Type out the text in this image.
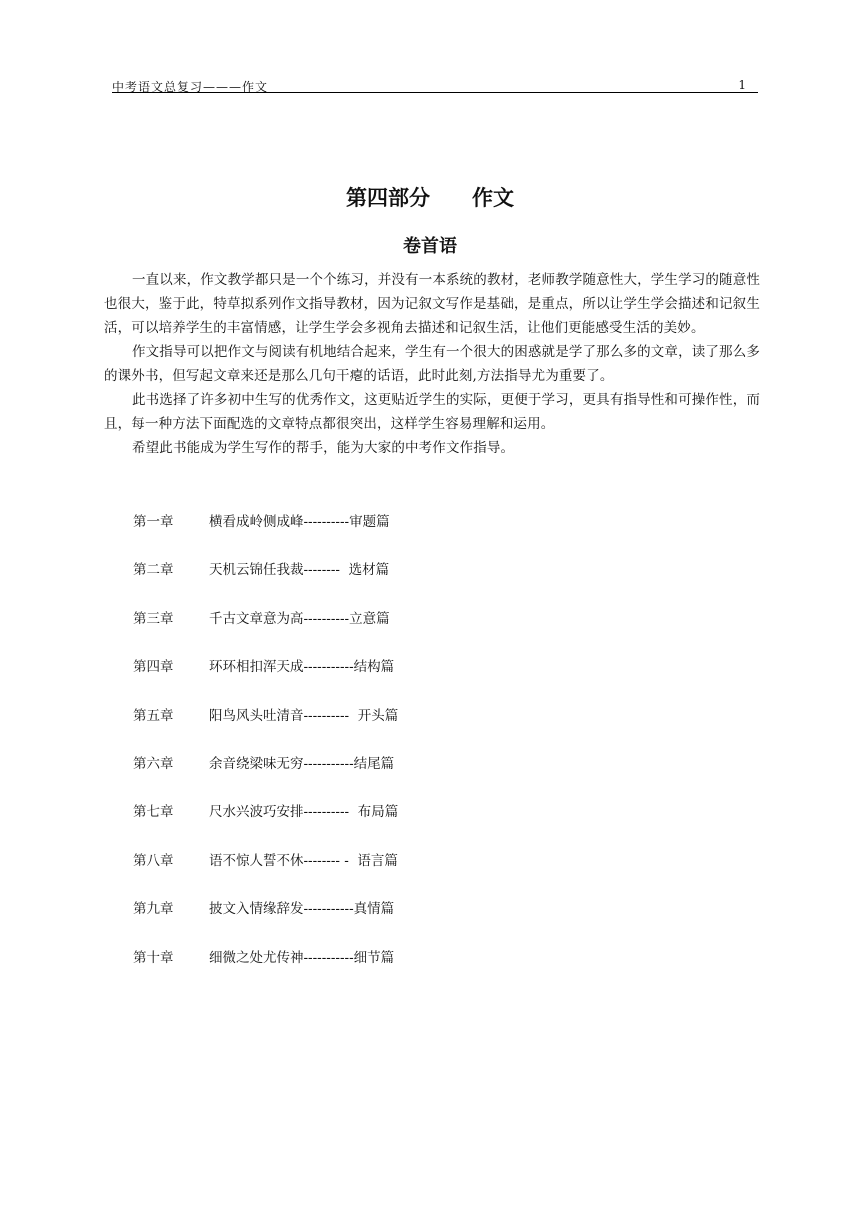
中考语文总复习———作文	1
第四部分　　作文
卷首语

一直以来，作文教学都只是一个个练习，并没有一本系统的教材，老师教学随意性大，学生学习的随意性也很大，鉴于此，特草拟系列作文指导教材，因为记叙文写作是基础，是重点，所以让学生学会描述和记叙生活，可以培养学生的丰富情感，让学生学会多视角去描述和记叙生活，让他们更能感受生活的美妙。

作文指导可以把作文与阅读有机地结合起来，学生有一个很大的困惑就是学了那么多的文章，读了那么多的课外书，但写起文章来还是那么几句干瘪的话语，此时此刻,方法指导尤为重要了。

此书选择了许多初中生写的优秀作文，这更贴近学生的实际，更便于学习，更具有指导性和可操作性，而且，每一种方法下面配选的文章特点都很突出，这样学生容易理解和运用。

希望此书能成为学生写作的帮手，能为大家的中考作文作指导。

第一章	横看成岭侧成峰----------审题篇
第二章	天机云锦任我裁--------  选材篇
第三章	千古文章意为高----------立意篇
第四章	环环相扣浑天成-----------结构篇
第五章	阳鸟风头吐清音----------  开头篇
第六章	余音绕梁味无穷-----------结尾篇
第七章	尺水兴波巧安排----------  布局篇
第八章	语不惊人誓不休-------- -  语言篇
第九章	披文入情缘辞发-----------真情篇
第十章	细微之处尤传神-----------细节篇
